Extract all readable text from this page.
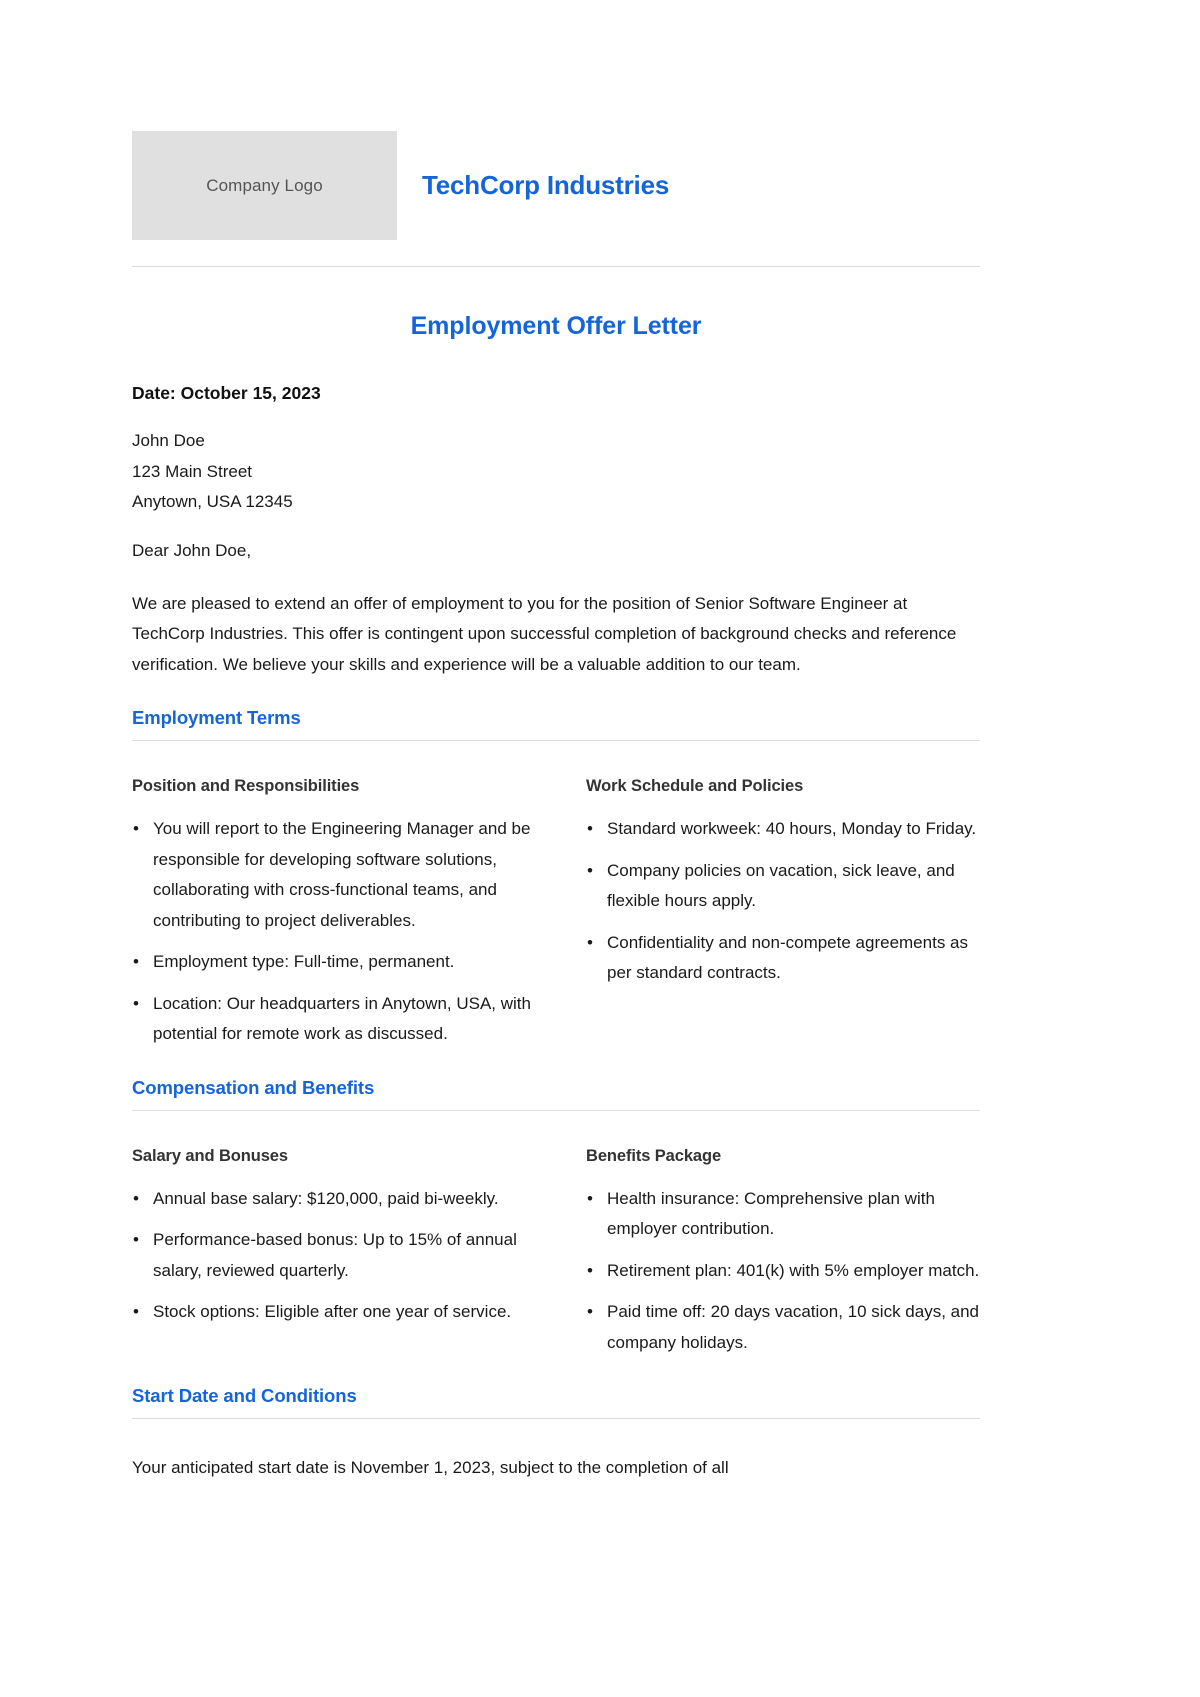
Company Logo	TechCorp Industries
Employment Offer Letter
Date: October 15, 2023
John Doe
123 Main Street
Anytown, USA 12345
Dear John Doe,

We are pleased to extend an offer of employment to you for the position of Senior Software Engineer at TechCorp Industries. This offer is contingent upon successful completion of background checks and reference verification. We believe your skills and experience will be a valuable addition to our team.

Employment Terms
Position and Responsibilities
• You will report to the Engineering Manager and be responsible for developing software solutions, collaborating with cross-functional teams, and contributing to project deliverables.
• Employment type: Full-time, permanent.
• Location: Our headquarters in Anytown, USA, with potential for remote work as discussed.
Work Schedule and Policies
• Standard workweek: 40 hours, Monday to Friday.
• Company policies on vacation, sick leave, and flexible hours apply.
• Confidentiality and non-compete agreements as per standard contracts.
Compensation and Benefits
Salary and Bonuses
• Annual base salary: $120,000, paid bi-weekly.
• Performance-based bonus: Up to 15% of annual salary, reviewed quarterly.
• Stock options: Eligible after one year of service.
Benefits Package
• Health insurance: Comprehensive plan with employer contribution.
• Retirement plan: 401(k) with 5% employer match.
• Paid time off: 20 days vacation, 10 sick days, and company holidays.
Start Date and Conditions

Your anticipated start date is November 1, 2023, subject to the completion of all
